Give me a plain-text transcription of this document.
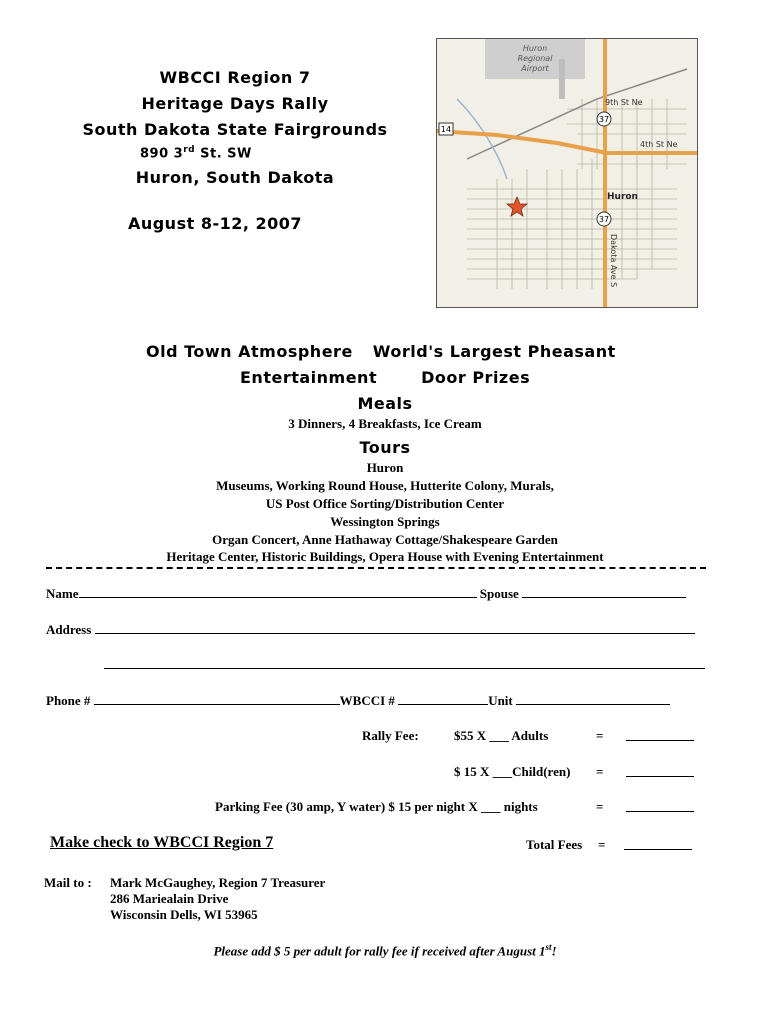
WBCCI Region 7
Heritage Days Rally
South Dakota State Fairgrounds
890 3rd St. SW
Huron, South Dakota
August 8-12, 2007
37
37
14
Huron
Regional
Airport
9th St Ne
4th St Ne
Huron
Dakota Ave S
Old Town Atmosphere World's Largest Pheasant
Entertainment	Door Prizes
Meals
3 Dinners, 4 Breakfasts, Ice Cream
Tours
Huron
Museums, Working Round House, Hutterite Colony, Murals,
US Post Office Sorting/Distribution Center
Wessington Springs
Organ Concert, Anne Hathaway Cottage/Shakespeare Garden
Heritage Center, Historic Buildings, Opera House with Evening Entertainment
Name	Spouse
Address
Phone #	WBCCI #	Unit
Rally Fee:	$55 X ___ Adults	=
$ 15 X ___Child(ren) =
Parking Fee (30 amp, Y water) $ 15 per night X ___ nights	=
Make check to WBCCI Region 7	Total Fees =
Mail to : Mark McGaughey, Region 7 Treasurer
286 Mariealain Drive
Wisconsin Dells, WI 53965
Please add $ 5 per adult for rally fee if received after August 1st!
